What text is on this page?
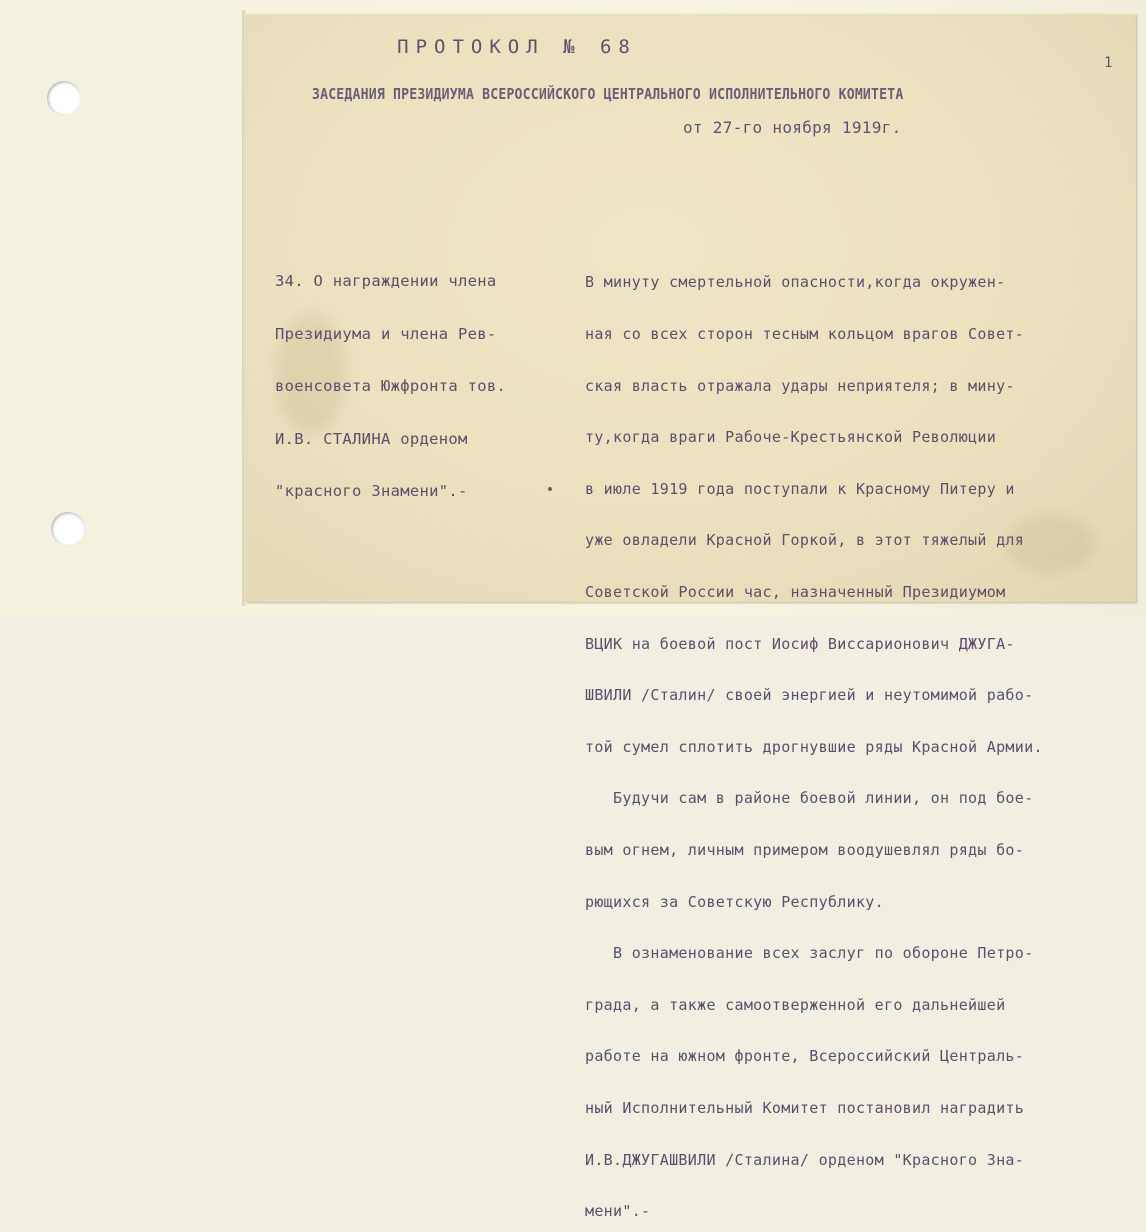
ПРОТОКОЛ № 68
ЗАСЕДАНИЯ ПРЕЗИДИУМА ВСЕРОССИЙСКОГО ЦЕНТРАЛЬНОГО ИСПОЛНИТЕЛЬНОГО КОМИТЕТА
от 27-го ноября 1919г.
1

34. О награждении члена

Президиума и члена Рев-

военсовета Южфронта тов.

И.В. СТАЛИНА орденом

"красного Знамени".-

В минуту смертельной опасности,когда окружен-

ная со всех сторон тесным кольцом врагов Совет-

ская власть отражала удары неприятеля; в мину-

ту,когда враги Рабоче-Крестьянской Революции

в июле 1919 года поступали к Красному Питеру и

уже овладели Красной Горкой, в этот тяжелый для

Советской России час, назначенный Президиумом

ВЦИК на боевой пост Иосиф Виссарионович ДЖУГА-

ШВИЛИ /Сталин/ своей энергией и неутомимой рабо-

той сумел сплотить дрогнувшие ряды Красной Армии.

Будучи сам в районе боевой линии, он под бое-

вым огнем, личным примером воодушевлял ряды бо-

рющихся за Советскую Республику.

В ознаменование всех заслуг по обороне Петро-

града, а также самоотверженной его дальнейшей

работе на южном фронте, Всероссийский Централь-

ный Исполнительный Комитет постановил наградить

И.В.ДЖУГАШВИЛИ /Сталина/ орденом "Красного Зна-

мени".-
